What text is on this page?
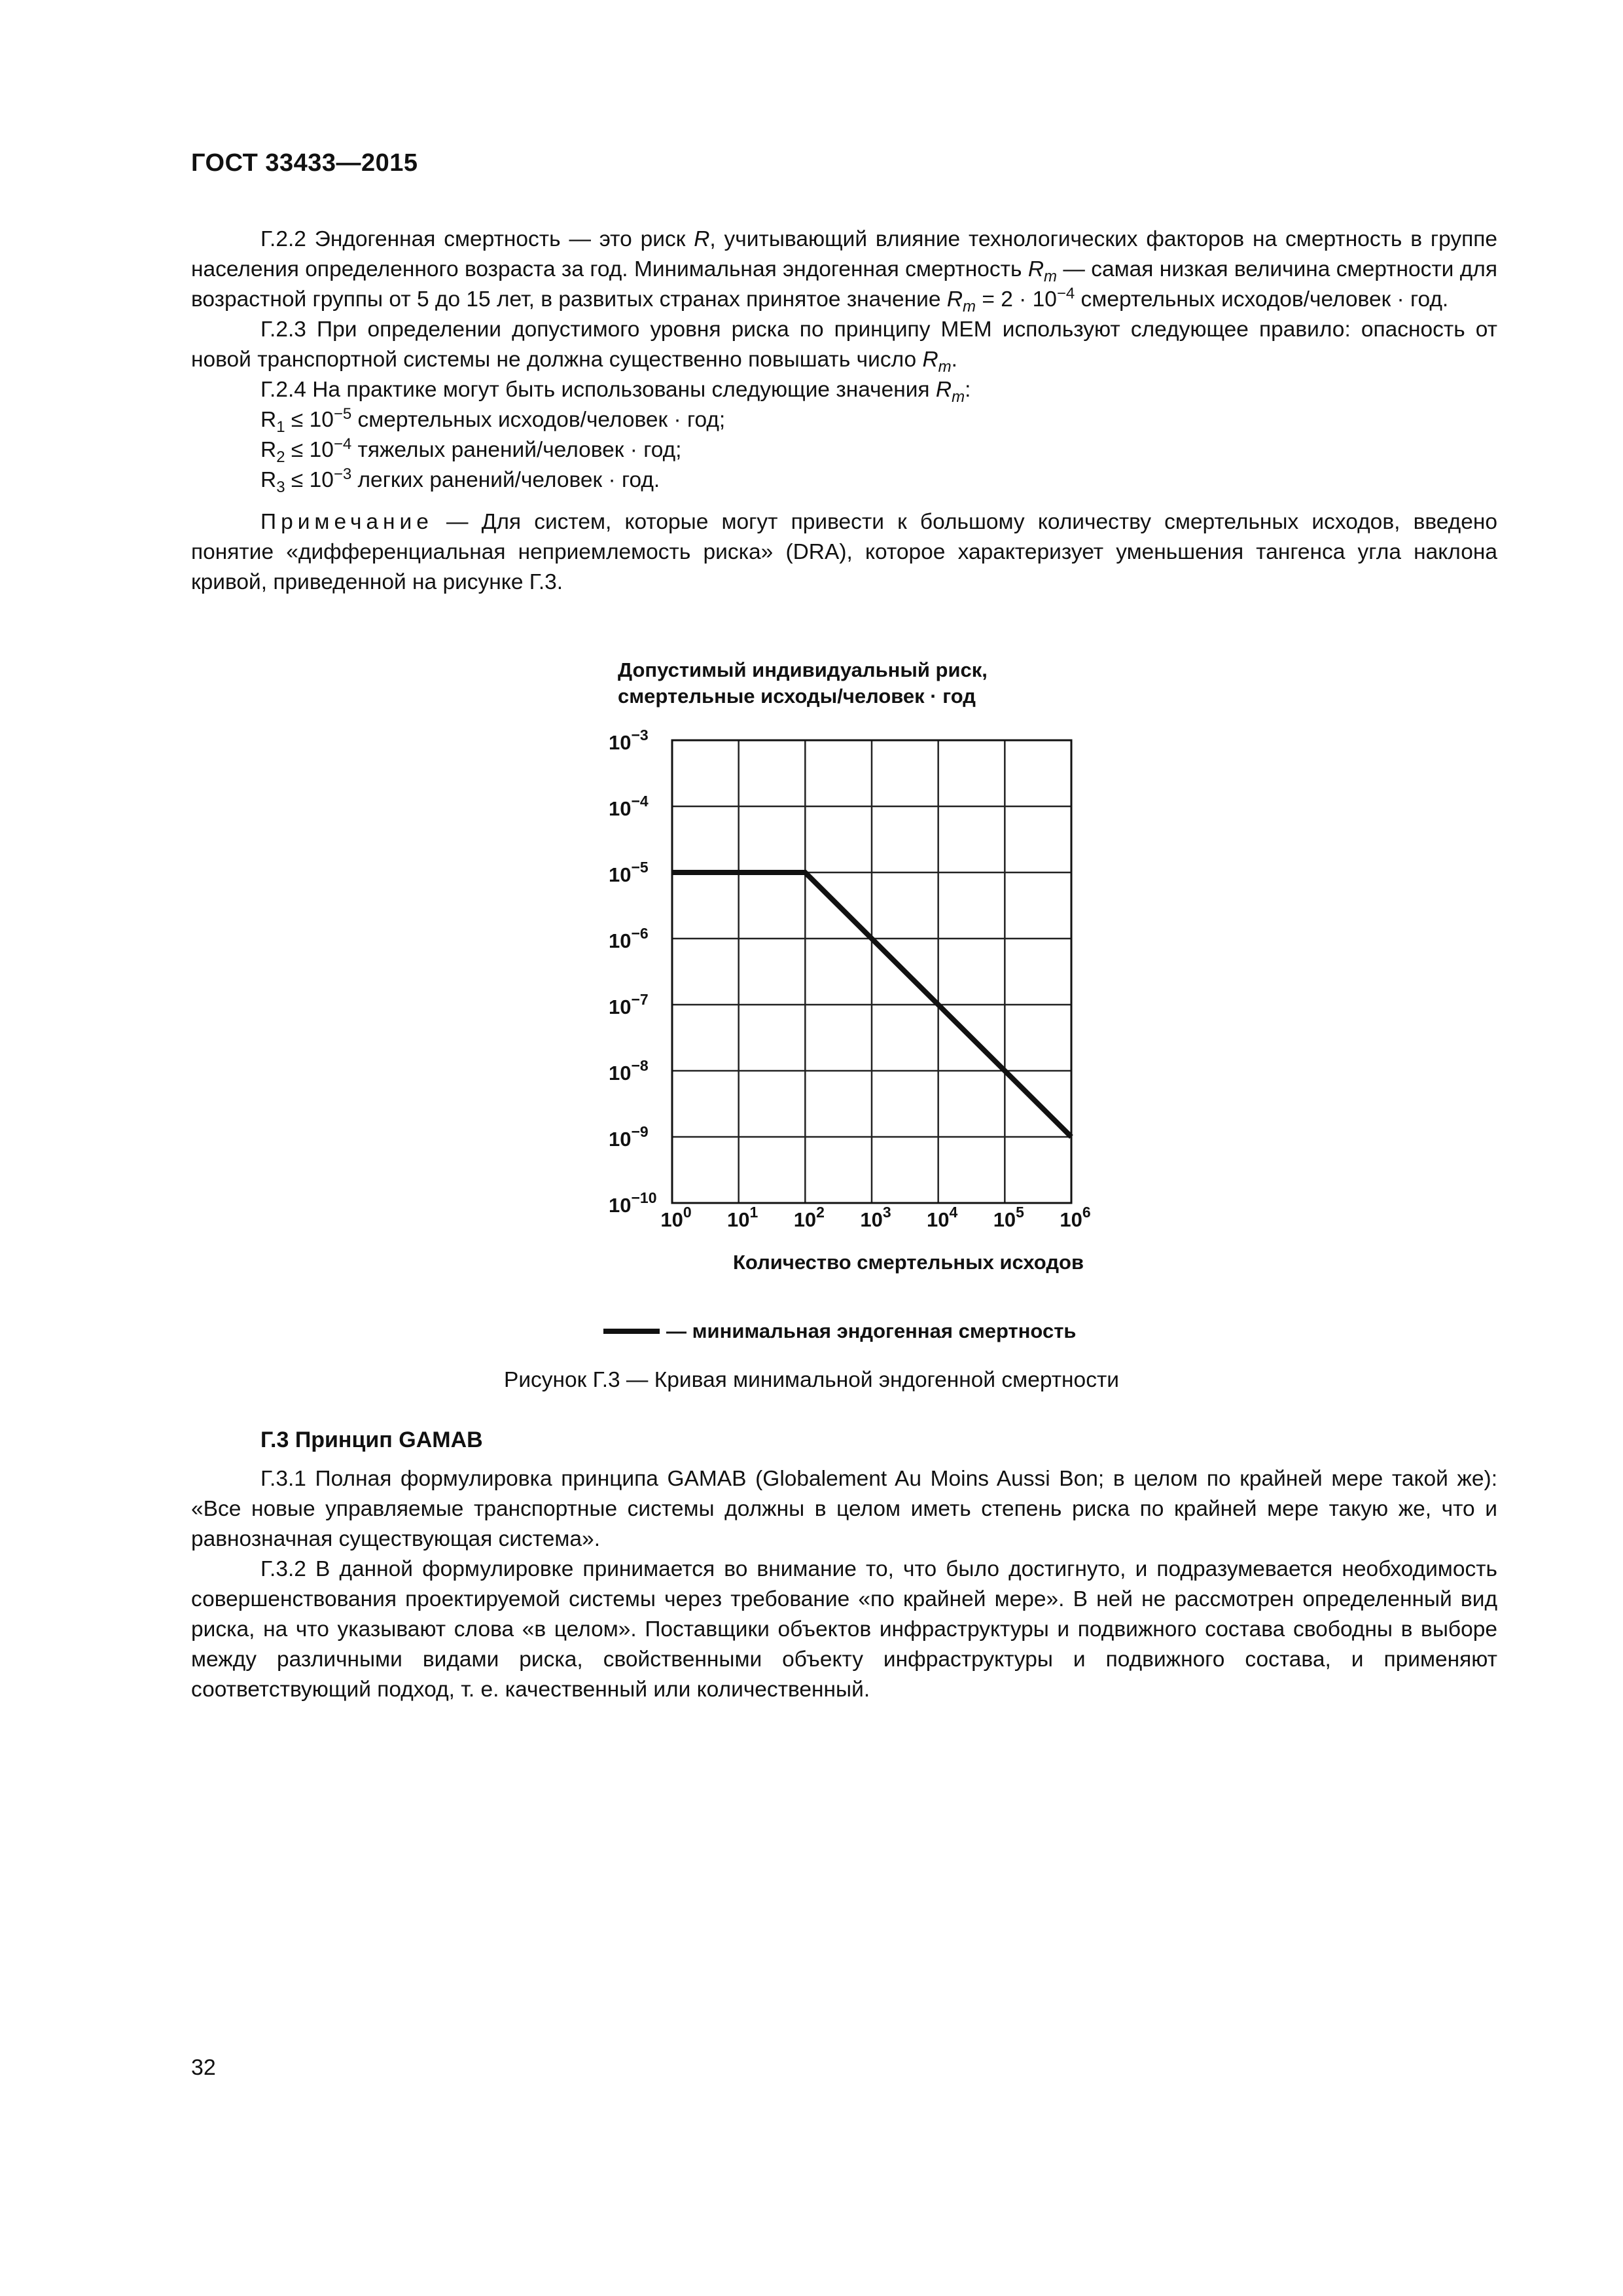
ГОСТ 33433—2015

Г.2.2 Эндогенная смертность — это риск R, учитывающий влияние технологических факторов на смертность в группе населения определенного возраста за год. Минимальная эндогенная смертность $R_m$ — самая низкая величина смертности для возрастной группы от 5 до 15 лет, в развитых странах принятое значение $R_m = 2 \cdot 10^{-4}$ смертельных исходов/человек · год.

Г.2.3 При определении допустимого уровня риска по принципу МЕМ используют следующее правило: опасность от новой транспортной системы не должна существенно повышать число $R_m$.

Г.2.4 На практике могут быть использованы следующие значения $R_m$:

$R_1 \le 10^{-5}$ смертельных исходов/человек · год;

$R_2 \le 10^{-4}$ тяжелых ранений/человек · год;

$R_3 \le 10^{-3}$ легких ранений/человек · год.

Примечание — Для систем, которые могут привести к большому количеству смертельных исходов, введено понятие «дифференциальная неприемлемость риска» (DRA), которое характеризует уменьшения тангенса угла наклона кривой, приведенной на рисунке Г.3.

Допустимый индивидуальный риск,
смертельные исходы/человек · год
$10^0$ $10^1$ $10^2$ $10^3$ $10^4$ $10^5$ $10^6$
$10^{-3}$
$10^{-4}$
$10^{-5}$
$10^{-6}$
$10^{-7}$
$10^{-8}$
$10^{-9}$
$10^{-10}$
Количество смертельных исходов
—
минимальная эндогенная смертность
Рисунок Г.3 — Кривая минимальной эндогенной смертности

Г.3 Принцип GAMAB

Г.3.1 Полная формулировка принципа GAMAB (Globalement Au Moins Aussi Bon; в целом по крайней мере такой же): «Все новые управляемые транспортные системы должны в целом иметь степень риска по крайней мере такую же, что и равнозначная существующая система».

Г.3.2 В данной формулировке принимается во внимание то, что было достигнуто, и подразумевается необходимость совершенствования проектируемой системы через требование «по крайней мере». В ней не рассмотрен определенный вид риска, на что указывают слова «в целом». Поставщики объектов инфраструктуры и подвижного состава свободны в выборе между различными видами риска, свойственными объекту инфраструктуры и подвижного состава, и применяют соответствующий подход, т. е. качественный или количественный.

32
